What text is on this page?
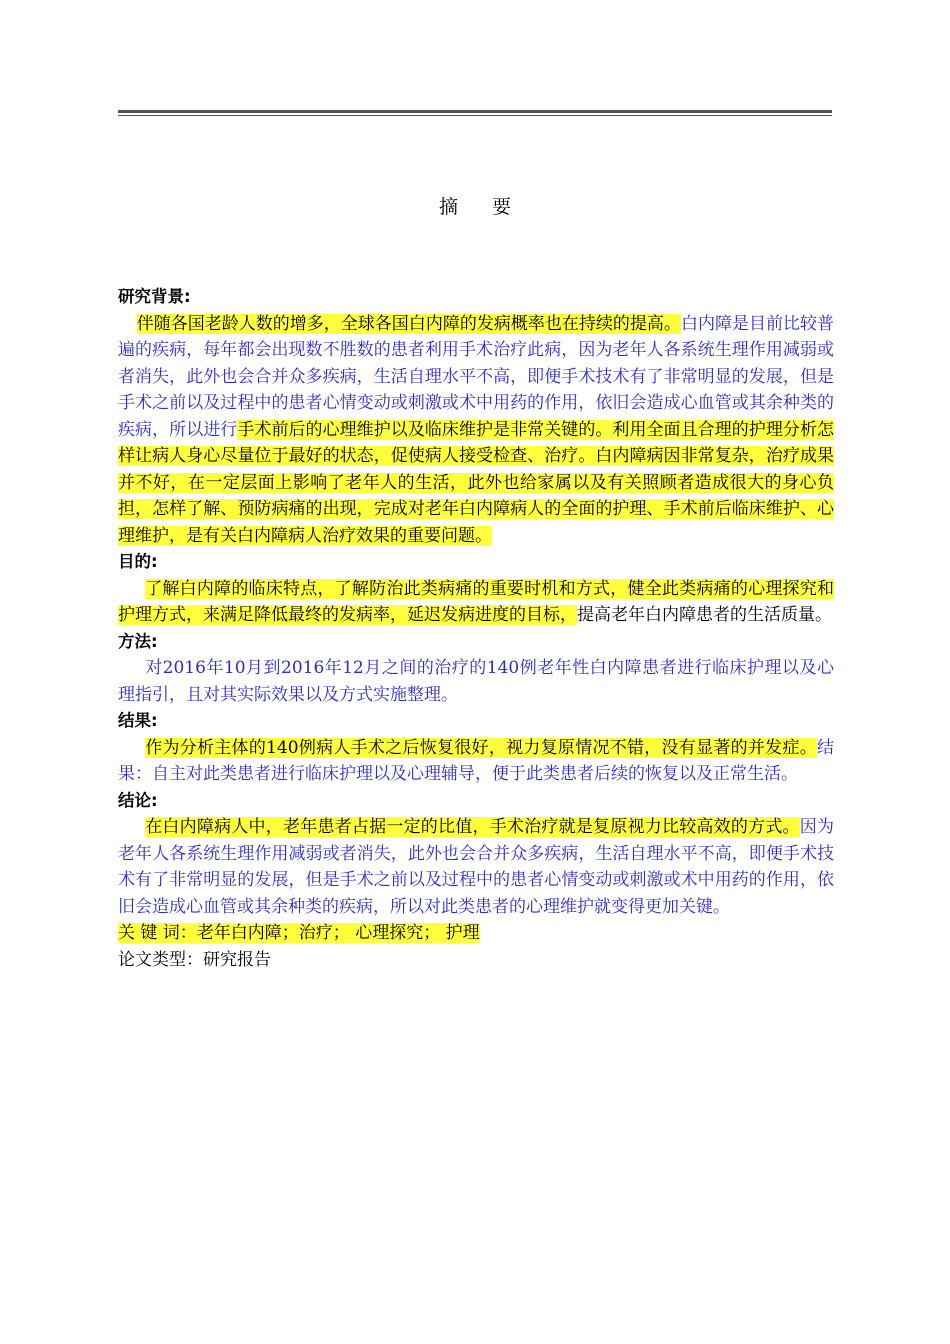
摘 要
研究背景:
伴随各国老龄人数的增多，全球各国白内障的发病概率也在持续的提高。白内障是目前比较普遍的疾病，每年都会出现数不胜数的患者利用手术治疗此病，因为老年人各系统生理作用减弱或者消失，此外也会合并众多疾病，生活自理水平不高，即便手术技术有了非常明显的发展，但是手术之前以及过程中的患者心情变动或刺激或术中用药的作用，依旧会造成心血管或其余种类的疾病，所以进行手术前后的心理维护以及临床维护是非常关键的。利用全面且合理的护理分析怎样让病人身心尽量位于最好的状态，促使病人接受检查、治疗。白内障病因非常复杂，治疗成果并不好，在一定层面上影响了老年人的生活，此外也给家属以及有关照顾者造成很大的身心负担，怎样了解、预防病痛的出现，完成对老年白内障病人的全面的护理、手术前后临床维护、心理维护，是有关白内障病人治疗效果的重要问题。
目的:
了解白内障的临床特点，了解防治此类病痛的重要时机和方式，健全此类病痛的心理探究和护理方式，来满足降低最终的发病率，延迟发病进度的目标，提高老年白内障患者的生活质量。
方法:
对2016年10月到2016年12月之间的治疗的140例老年性白内障患者进行临床护理以及心理指引，且对其实际效果以及方式实施整理。
结果:
作为分析主体的140例病人手术之后恢复很好，视力复原情况不错，没有显著的并发症。结果：自主对此类患者进行临床护理以及心理辅导，便于此类患者后续的恢复以及正常生活。
结论:
在白内障病人中，老年患者占据一定的比值，手术治疗就是复原视力比较高效的方式。因为老年人各系统生理作用减弱或者消失，此外也会合并众多疾病，生活自理水平不高，即便手术技术有了非常明显的发展，但是手术之前以及过程中的患者心情变动或刺激或术中用药的作用，依旧会造成心血管或其余种类的疾病，所以对此类患者的心理维护就变得更加关键。
关 键 词：老年白内障；治疗； 心理探究； 护理
论文类型：研究报告
